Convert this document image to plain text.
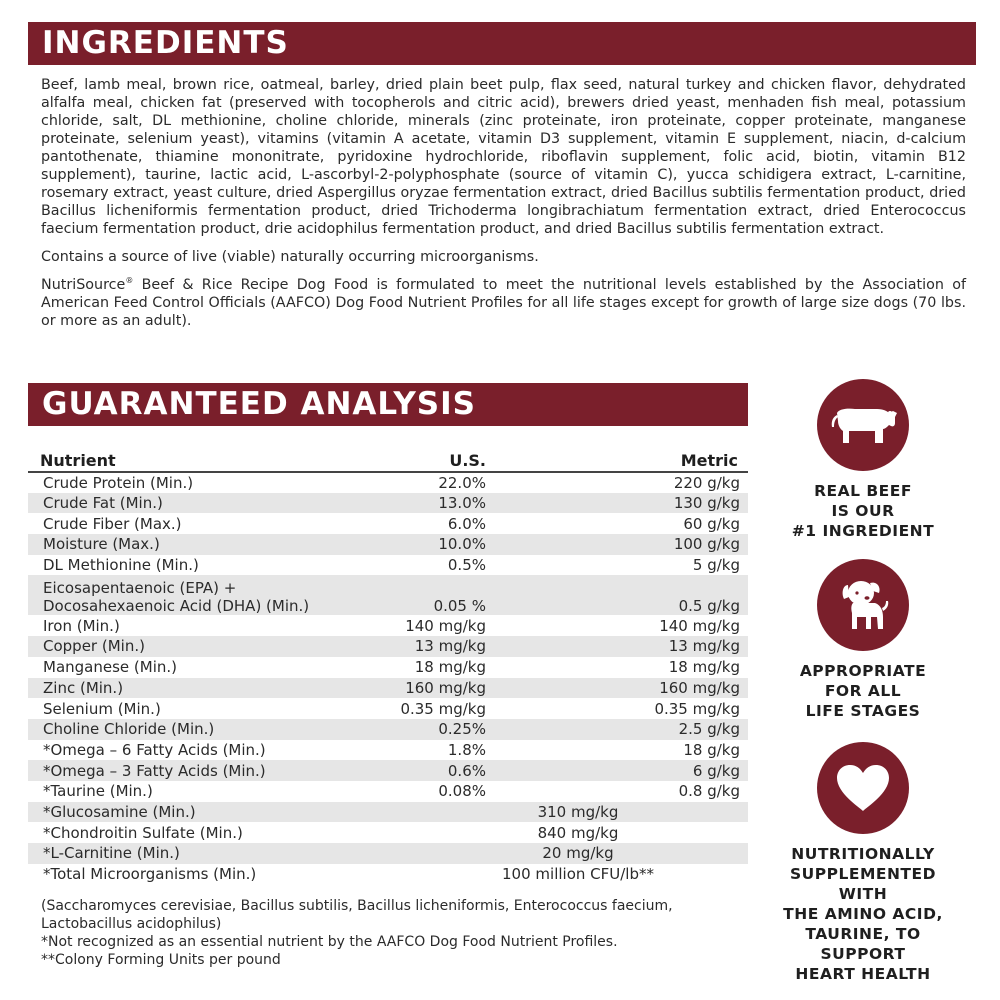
INGREDIENTS

Beef, lamb meal, brown rice, oatmeal, barley, dried plain beet pulp, flax seed, natural turkey and chicken flavor, dehydrated alfalfa meal, chicken fat (preserved with tocopherols and citric acid), brewers dried yeast, menhaden fish meal, potassium chloride, salt, DL methionine, choline chloride, minerals (zinc proteinate, iron proteinate, copper proteinate, manganese proteinate, selenium yeast), vitamins (vitamin A acetate, vitamin D3 supplement, vitamin E supplement, niacin, d-calcium pantothenate, thiamine mononitrate, pyridoxine hydrochloride, riboflavin supplement, folic acid, biotin, vitamin B12 supplement), taurine, lactic acid, L-ascorbyl-2-polyphosphate (source of vitamin C), yucca schidigera extract, L-carnitine, rosemary extract, yeast culture, dried Aspergillus oryzae fermentation extract, dried Bacillus subtilis fermentation product, dried Bacillus licheniformis fermentation product, dried Trichoderma longibrachiatum fermentation extract, dried Enterococcus faecium fermentation product, drie acidophilus fermentation product, and dried Bacillus subtilis fermentation extract.

Contains a source of live (viable) naturally occurring microorganisms.

NutriSource® Beef & Rice Recipe Dog Food is formulated to meet the nutritional levels established by the Association of American Feed Control Officials (AAFCO) Dog Food Nutrient Profiles for all life stages except for growth of large size dogs (70 lbs. or more as an adult).

GUARANTEED ANALYSIS
Nutrient	U.S.	Metric
Crude Protein (Min.)	22.0%	220 g/kg
Crude Fat (Min.)	13.0%	130 g/kg
Crude Fiber (Max.)	6.0%	60 g/kg
Moisture (Max.)	10.0%	100 g/kg
DL Methionine (Min.)	0.5%	5 g/kg

Eicosapentaenoic (EPA) +
Docosahexaenoic Acid (DHA) (Min.)	0.05 %	0.5 g/kg
Iron (Min.)	140 mg/kg	140 mg/kg
Copper (Min.)	13 mg/kg	13 mg/kg
Manganese (Min.)	18 mg/kg	18 mg/kg
Zinc (Min.)	160 mg/kg	160 mg/kg
Selenium (Min.)	0.35 mg/kg	0.35 mg/kg
Choline Chloride (Min.)	0.25%	2.5 g/kg
*Omega – 6 Fatty Acids (Min.)	1.8%	18 g/kg
*Omega – 3 Fatty Acids (Min.)	0.6%	6 g/kg
*Taurine (Min.)	0.08%	0.8 g/kg
*Glucosamine (Min.)	310 mg/kg	
*Chondroitin Sulfate (Min.)	840 mg/kg	
*L-Carnitine (Min.)	20 mg/kg	
*Total Microorganisms (Min.)	100 million CFU/lb**	
(Saccharomyces cerevisiae, Bacillus subtilis, Bacillus licheniformis, Enterococcus faecium, Lactobacillus acidophilus)
*Not recognized as an essential nutrient by the AAFCO Dog Food Nutrient Profiles.
**Colony Forming Units per pound
REAL BEEF
IS OUR
#1 INGREDIENT
APPROPRIATE
FOR ALL
LIFE STAGES
NUTRITIONALLY
SUPPLEMENTED WITH
THE AMINO ACID,
TAURINE, TO SUPPORT
HEART HEALTH
